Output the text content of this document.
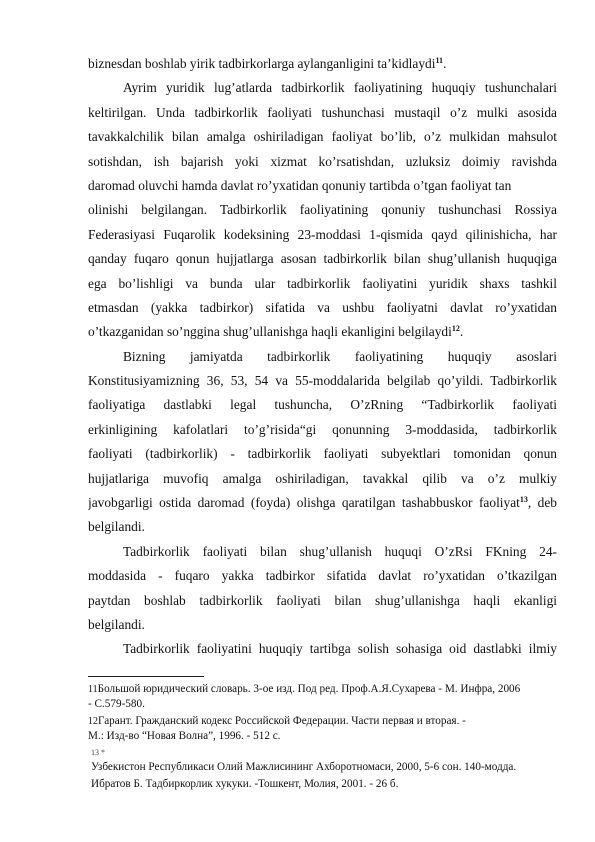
biznesdan boshlab yirik tadbirkorlarga aylanganligini ta’kidlaydi$^{11}$.
Ayrim yuridik lug’atlarda tadbirkorlik faoliyatining huquqiy tushunchalari
keltirilgan. Unda tadbirkorlik faoliyati tushunchasi mustaqil o’z mulki asosida
tavakkalchilik bilan amalga oshiriladigan faoliyat bo’lib, o’z mulkidan mahsulot
sotishdan, ish bajarish yoki xizmat ko’rsatishdan, uzluksiz doimiy ravishda
daromad oluvchi hamda davlat ro’yxatidan qonuniy tartibda o’tgan faoliyat tan
olinishi belgilangan. Tadbirkorlik faoliyatining qonuniy tushunchasi Rossiya
Federasiyasi Fuqarolik kodeksining 23-moddasi 1-qismida qayd qilinishicha, har
qanday fuqaro qonun hujjatlarga asosan tadbirkorlik bilan shug’ullanish huquqiga
ega bo’lishligi va bunda ular tadbirkorlik faoliyatini yuridik shaxs tashkil
etmasdan (yakka tadbirkor) sifatida va ushbu faoliyatni davlat ro’yxatidan
o’tkazganidan so’nggina shug’ullanishga haqli ekanligini belgilaydi$^{12}$.
Bizning jamiyatda tadbirkorlik faoliyatining huquqiy asoslari
Konstitusiyamizning 36, 53, 54 va 55-moddalarida belgilab qo’yildi. Tadbirkorlik
faoliyatiga dastlabki legal tushuncha, O’zRning “Tadbirkorlik faoliyati
erkinligining kafolatlari to’g’risida“gi qonunning 3-moddasida, tadbirkorlik
faoliyati (tadbirkorlik) - tadbirkorlik faoliyati subyektlari tomonidan qonun
hujjatlariga muvofiq amalga oshiriladigan, tavakkal qilib va o’z mulkiy
javobgarligi ostida daromad (foyda) olishga qaratilgan tashabbuskor faoliyat$^{13}$, deb
belgilandi.
Tadbirkorlik faoliyati bilan shug’ullanish huquqi O’zRsi FKning 24-
moddasida - fuqaro yakka tadbirkor sifatida davlat ro’yxatidan o’tkazilgan
paytdan boshlab tadbirkorlik faoliyati bilan shug’ullanishga haqli ekanligi
belgilandi.
Tadbirkorlik faoliyatini huquqiy tartibga solish sohasiga oid dastlabki ilmiy
11Большой юридический словарь. 3-ое изд. Под ред. Проф.А.Я.Сухарева - М. Инфра, 2006
- С.579-580.
12Гарант. Гражданский кодекс Российской Федерации. Части первая и вторая. -
М.: Изд-во “Новая Волна”, 1996. - 512 с.
13 *
Узбекистон Республикаси Олий Мажлисининг Ахборотномаси, 2000, 5-6 сон. 140-модда.
Ибратов Б. Тадбиркорлик хукуки. -Тошкент, Молия, 2001. - 26 б.
